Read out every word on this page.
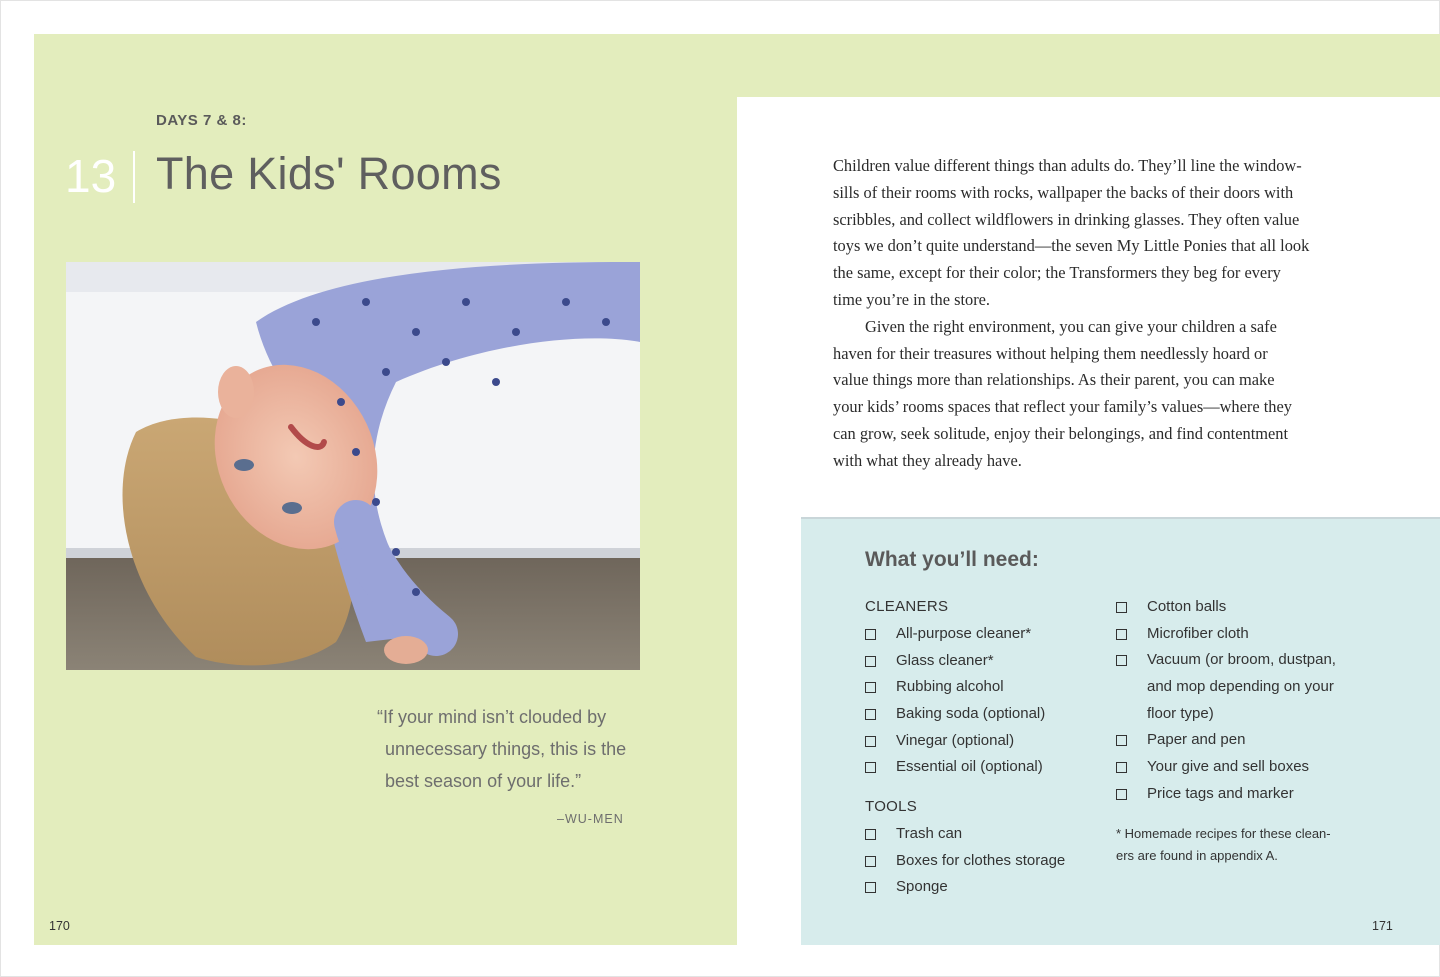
DAYS 7 & 8:
13 The Kids' Rooms
“If your mind isn’t clouded by
unnecessary things, this is the
best season of your life.”
–WU-MEN
170
Children value different things than adults do. They’ll line the window-
sills of their rooms with rocks, wallpaper the backs of their doors with
scribbles, and collect wildflowers in drinking glasses. They often value
toys we don’t quite understand—the seven My Little Ponies that all look
the same, except for their color; the Transformers they beg for every
time you’re in the store.
Given the right environment, you can give your children a safe
haven for their treasures without helping them needlessly hoard or
value things more than relationships. As their parent, you can make
your kids’ rooms spaces that reflect your family’s values—where they
can grow, seek solitude, enjoy their belongings, and find contentment
with what they already have.
What you’ll need:
CLEANERS
All-purpose cleaner*
Glass cleaner*
Rubbing alcohol
Baking soda (optional)
Vinegar (optional)
Essential oil (optional)
TOOLS
Trash can
Boxes for clothes storage
Sponge
Cotton balls
Microfiber cloth
Vacuum (or broom, dustpan,
and mop depending on your
floor type)
Paper and pen
Your give and sell boxes
Price tags and marker
* Homemade recipes for these clean-
ers are found in appendix A.
171
